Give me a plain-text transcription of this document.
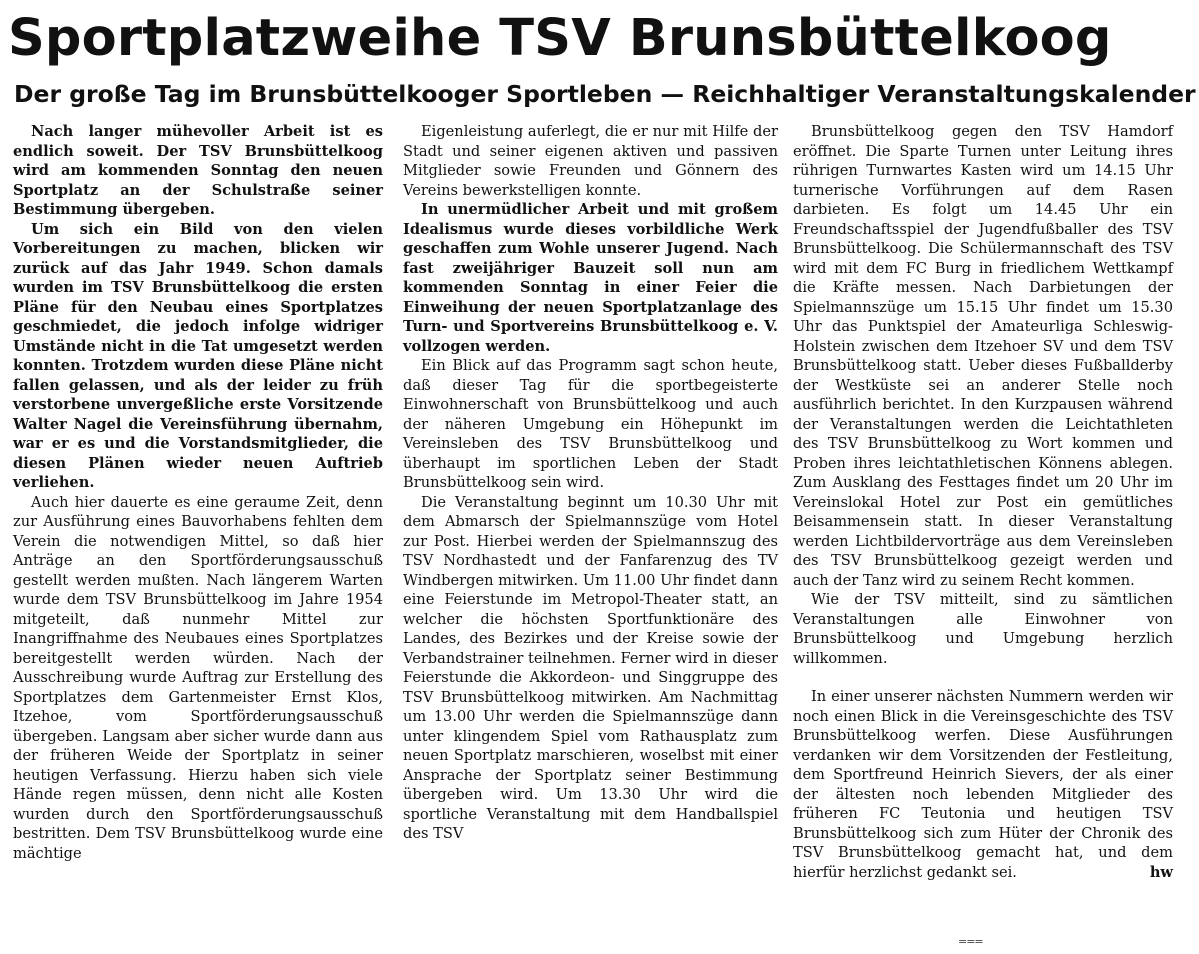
Sportplatzweihe TSV Brunsbüttelkoog
Der große Tag im Brunsbüttelkooger Sportleben — Reichhaltiger Veranstaltungskalender

Nach langer mühevoller Arbeit ist es endlich soweit. Der TSV Brunsbüttelkoog wird am kommenden Sonntag den neuen Sportplatz an der Schulstraße seiner Bestimmung übergeben.

Um sich ein Bild von den vielen Vorbereitungen zu machen, blicken wir zurück auf das Jahr 1949. Schon damals wurden im TSV Brunsbüttelkoog die ersten Pläne für den Neubau eines Sportplatzes geschmiedet, die jedoch infolge widriger Umstände nicht in die Tat umgesetzt werden konnten. Trotzdem wurden diese Pläne nicht fallen gelassen, und als der leider zu früh verstorbene unvergeßliche erste Vorsitzende Walter Nagel die Vereinsführung übernahm, war er es und die Vorstandsmitglieder, die diesen Plänen wieder neuen Auftrieb verliehen.

Auch hier dauerte es eine geraume Zeit, denn zur Ausführung eines Bauvorhabens fehlten dem Verein die notwendigen Mittel, so daß hier Anträge an den Sportförderungsausschuß gestellt werden mußten. Nach längerem Warten wurde dem TSV Brunsbüttelkoog im Jahre 1954 mitgeteilt, daß nunmehr Mittel zur Inangriffnahme des Neubaues eines Sportplatzes bereitgestellt werden würden. Nach der Ausschreibung wurde Auftrag zur Erstellung des Sportplatzes dem Gartenmeister Ernst Klos, Itzehoe, vom Sportförderungsausschuß übergeben. Langsam aber sicher wurde dann aus der früheren Weide der Sportplatz in seiner heutigen Verfassung. Hierzu haben sich viele Hände regen müssen, denn nicht alle Kosten wurden durch den Sportförderungsausschuß bestritten. Dem TSV Brunsbüttelkoog wurde eine mächtige

Eigenleistung auferlegt, die er nur mit Hilfe der Stadt und seiner eigenen aktiven und passiven Mitglieder sowie Freunden und Gönnern des Vereins bewerkstelligen konnte.

In unermüdlicher Arbeit und mit großem Idealismus wurde dieses vorbildliche Werk geschaffen zum Wohle unserer Jugend. Nach fast zweijähriger Bauzeit soll nun am kommenden Sonntag in einer Feier die Einweihung der neuen Sportplatzanlage des Turn- und Sportvereins Brunsbüttelkoog e. V. vollzogen werden.

Ein Blick auf das Programm sagt schon heute, daß dieser Tag für die sportbegeisterte Einwohnerschaft von Brunsbüttelkoog und auch der näheren Umgebung ein Höhepunkt im Vereinsleben des TSV Brunsbüttelkoog und überhaupt im sportlichen Leben der Stadt Brunsbüttelkoog sein wird.

Die Veranstaltung beginnt um 10.30 Uhr mit dem Abmarsch der Spielmannszüge vom Hotel zur Post. Hierbei werden der Spielmannszug des TSV Nordhastedt und der Fanfarenzug des TV Windbergen mitwirken. Um 11.00 Uhr findet dann eine Feierstunde im Metropol-Theater statt, an welcher die höchsten Sportfunktionäre des Landes, des Bezirkes und der Kreise sowie der Verbandstrainer teilnehmen. Ferner wird in dieser Feierstunde die Akkordeon- und Singgruppe des TSV Brunsbüttelkoog mitwirken. Am Nachmittag um 13.00 Uhr werden die Spielmannszüge dann unter klingendem Spiel vom Rathausplatz zum neuen Sportplatz marschieren, woselbst mit einer Ansprache der Sportplatz seiner Bestimmung übergeben wird. Um 13.30 Uhr wird die sportliche Veranstaltung mit dem Handballspiel des TSV

Brunsbüttelkoog gegen den TSV Hamdorf eröffnet. Die Sparte Turnen unter Leitung ihres rührigen Turnwartes Kasten wird um 14.15 Uhr turnerische Vorführungen auf dem Rasen darbieten. Es folgt um 14.45 Uhr ein Freundschaftsspiel der Jugendfußballer des TSV Brunsbüttelkoog. Die Schülermannschaft des TSV wird mit dem FC Burg in friedlichem Wettkampf die Kräfte messen. Nach Darbietungen der Spielmannszüge um 15.15 Uhr findet um 15.30 Uhr das Punktspiel der Amateurliga Schleswig-Holstein zwischen dem Itzehoer SV und dem TSV Brunsbüttelkoog statt. Ueber dieses Fußballderby der Westküste sei an anderer Stelle noch ausführlich berichtet. In den Kurzpausen während der Veranstaltungen werden die Leichtathleten des TSV Brunsbüttelkoog zu Wort kommen und Proben ihres leichtathletischen Könnens ablegen. Zum Ausklang des Festtages findet um 20 Uhr im Vereinslokal Hotel zur Post ein gemütliches Beisammensein statt. In dieser Veranstaltung werden Lichtbildervorträge aus dem Vereinsleben des TSV Brunsbüttelkoog gezeigt werden und auch der Tanz wird zu seinem Recht kommen.

Wie der TSV mitteilt, sind zu sämtlichen Veranstaltungen alle Einwohner von Brunsbüttelkoog und Umgebung herzlich willkommen.

In einer unserer nächsten Nummern werden wir noch einen Blick in die Vereinsgeschichte des TSV Brunsbüttelkoog werfen. Diese Ausführungen verdanken wir dem Vorsitzenden der Festleitung, dem Sportfreund Heinrich Sievers, der als einer der ältesten noch lebenden Mitglieder des früheren FC Teutonia und heutigen TSV Brunsbüttelkoog sich zum Hüter der Chronik des TSV Brunsbüttelkoog gemacht hat, und dem hierfür herzlichst gedankt sei.	hw

===
